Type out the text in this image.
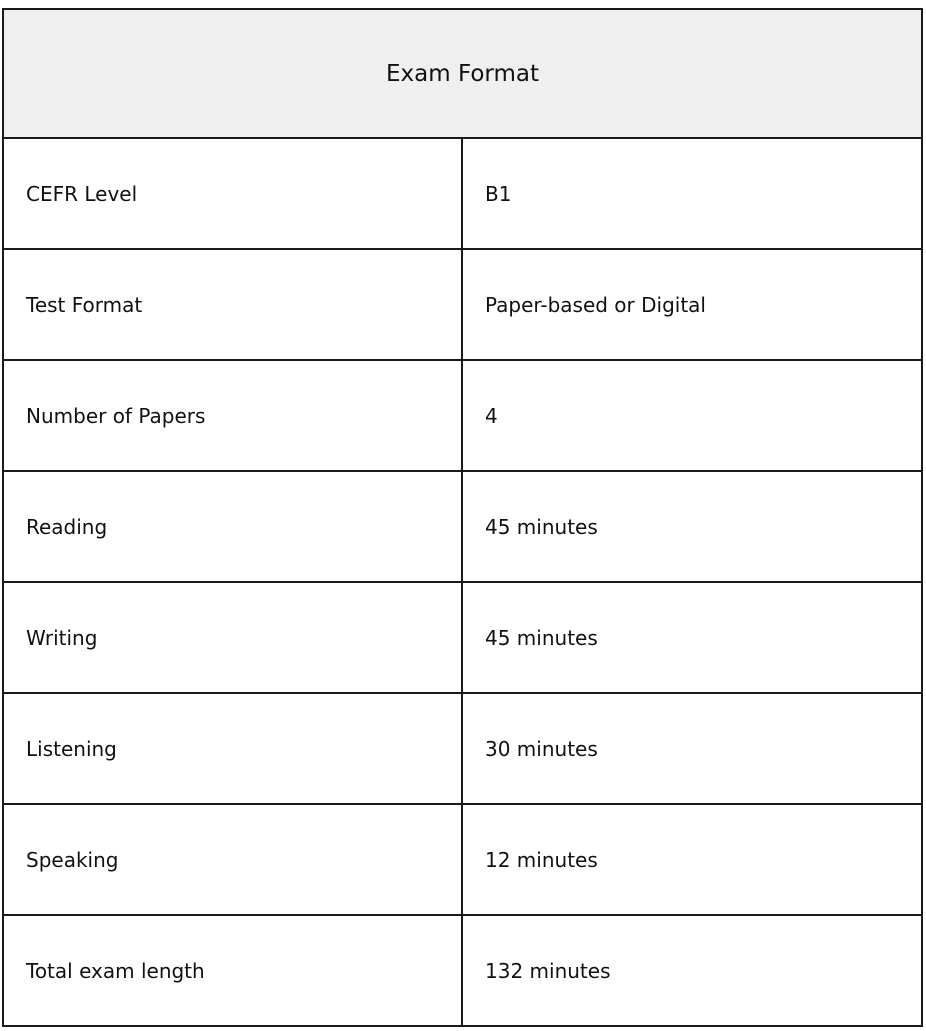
Exam Format	
CEFR Level	B1
Test Format	Paper-based or Digital
Number of Papers	4
Reading	45 minutes
Writing	45 minutes
Listening	30 minutes
Speaking	12 minutes
Total exam length	132 minutes
